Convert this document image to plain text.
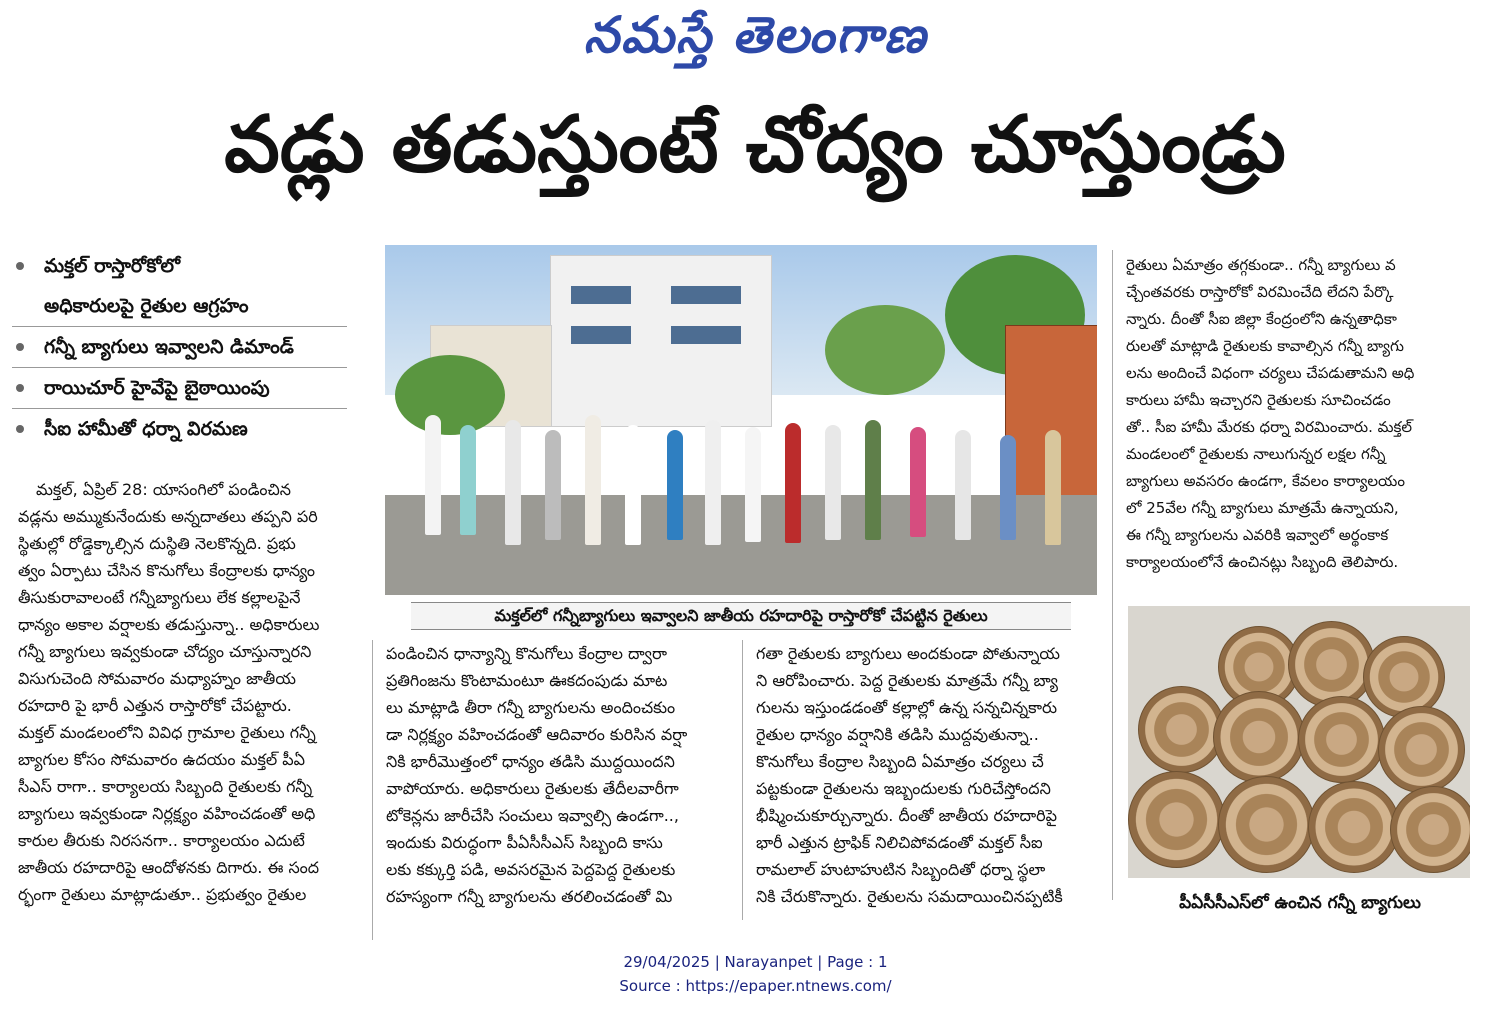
నమస్తే తెలంగాణ
వడ్లు తడుస్తుంటే చోద్యం చూస్తుండ్రు
మక్తల్ రాస్తారోకోలో
అధికారులపై రైతుల ఆగ్రహం
గన్నీ బ్యాగులు ఇవ్వాలని డిమాండ్
రాయిచూర్ హైవేపై బైఠాయింపు
సీఐ హామీతో ధర్నా విరమణ
మక్తల్‌లో గన్నీబ్యాగులు ఇవ్వాలని జాతీయ రహదారిపై రాస్తారోకో చేపట్టిన రైతులు

మక్తల్, ఏప్రిల్ 28: యాసంగిలో పండించిన

వడ్లను అమ్ముకునేందుకు అన్నదాతలు తప్పని పరి

స్థితుల్లో రోడ్డెక్కాల్సిన దుస్థితి నెలకొన్నది. ప్రభు

త్వం ఏర్పాటు చేసిన కొనుగోలు కేంద్రాలకు ధాన్యం

తీసుకురావాలంటే గన్నీబ్యాగులు లేక కల్లాలపైనే

ధాన్యం అకాల వర్షాలకు తడుస్తున్నా.. అధికారులు

గన్నీ బ్యాగులు ఇవ్వకుండా చోద్యం చూస్తున్నారని

విసుగుచెంది సోమవారం మధ్యాహ్నం జాతీయ

రహదారి పై భారీ ఎత్తున రాస్తారోకో చేపట్టారు.

మక్తల్ మండలంలోని వివిధ గ్రామాల రైతులు గన్నీ

బ్యాగుల కోసం సోమవారం ఉదయం మక్తల్ పీఏ

సీఎస్ రాగా.. కార్యాలయ సిబ్బంది రైతులకు గన్నీ

బ్యాగులు ఇవ్వకుండా నిర్లక్ష్యం వహించడంతో అధి

కారుల తీరుకు నిరసనగా.. కార్యాలయం ఎదుటే

జాతీయ రహదారిపై ఆందోళనకు దిగారు. ఈ సంద

ర్భంగా రైతులు మాట్లాడుతూ.. ప్రభుత్వం రైతుల

పండించిన ధాన్యాన్ని కొనుగోలు కేంద్రాల ద్వారా

ప్రతిగింజను కొంటామంటూ ఊకదంపుడు మాట

లు మాట్లాడి తీరా గన్నీ బ్యాగులను అందించకుం

డా నిర్లక్ష్యం వహించడంతో ఆదివారం కురిసిన వర్షా

నికి భారీమొత్తంలో ధాన్యం తడిసి ముద్దయిందని

వాపోయారు. అధికారులు రైతులకు తేదీలవారీగా

టోకెన్లను జారీచేసి సంచులు ఇవ్వాల్సి ఉండగా..,

ఇందుకు విరుద్ధంగా పీఏసీసీఎస్ సిబ్బంది కాసు

లకు కక్కుర్తి పడి, అవసరమైన పెద్దపెద్ద రైతులకు

రహస్యంగా గన్నీ బ్యాగులను తరలించడంతో మి

గతా రైతులకు బ్యాగులు అందకుండా పోతున్నాయ

ని ఆరోపించారు. పెద్ద రైతులకు మాత్రమే గన్నీ బ్యా

గులను ఇస్తుండడంతో కల్లాల్లో ఉన్న సన్నచిన్నకారు

రైతుల ధాన్యం వర్షానికి తడిసి ముద్దవుతున్నా..

కొనుగోలు కేంద్రాల సిబ్బంది ఏమాత్రం చర్యలు చే

పట్టకుండా రైతులను ఇబ్బందులకు గురిచేస్తోందని

భీష్మించుకూర్చున్నారు. దీంతో జాతీయ రహదారిపై

భారీ ఎత్తున ట్రాఫిక్ నిలిచిపోవడంతో మక్తల్ సీఐ

రామలాల్ హుటాహుటిన సిబ్బందితో ధర్నా స్థలా

నికి చేరుకొన్నారు. రైతులను సమదాయించినప్పటికీ

రైతులు ఏమాత్రం తగ్గకుండా.. గన్నీ బ్యాగులు వ

చ్చేంతవరకు రాస్తారోకో విరమించేది లేదని పేర్కొ

న్నారు. దీంతో సీఐ జిల్లా కేంద్రంలోని ఉన్నతాధికా

రులతో మాట్లాడి రైతులకు కావాల్సిన గన్నీ బ్యాగు

లను అందించే విధంగా చర్యలు చేపడుతామని అధి

కారులు హామీ ఇచ్చారని రైతులకు సూచించడం

తో.. సీఐ హామీ మేరకు ధర్నా విరమించారు. మక్తల్

మండలంలో రైతులకు నాలుగున్నర లక్షల గన్నీ

బ్యాగులు అవసరం ఉండగా, కేవలం కార్యాలయం

లో 25వేల గన్నీ బ్యాగులు మాత్రమే ఉన్నాయని,

ఈ గన్నీ బ్యాగులను ఎవరికి ఇవ్వాలో అర్థంకాక

కార్యాలయంలోనే ఉంచినట్లు సిబ్బంది తెలిపారు.

పీఏసీసీఎస్‌లో ఉంచిన గన్నీ బ్యాగులు
29/04/2025 | Narayanpet | Page : 1
Source : https://epaper.ntnews.com/
